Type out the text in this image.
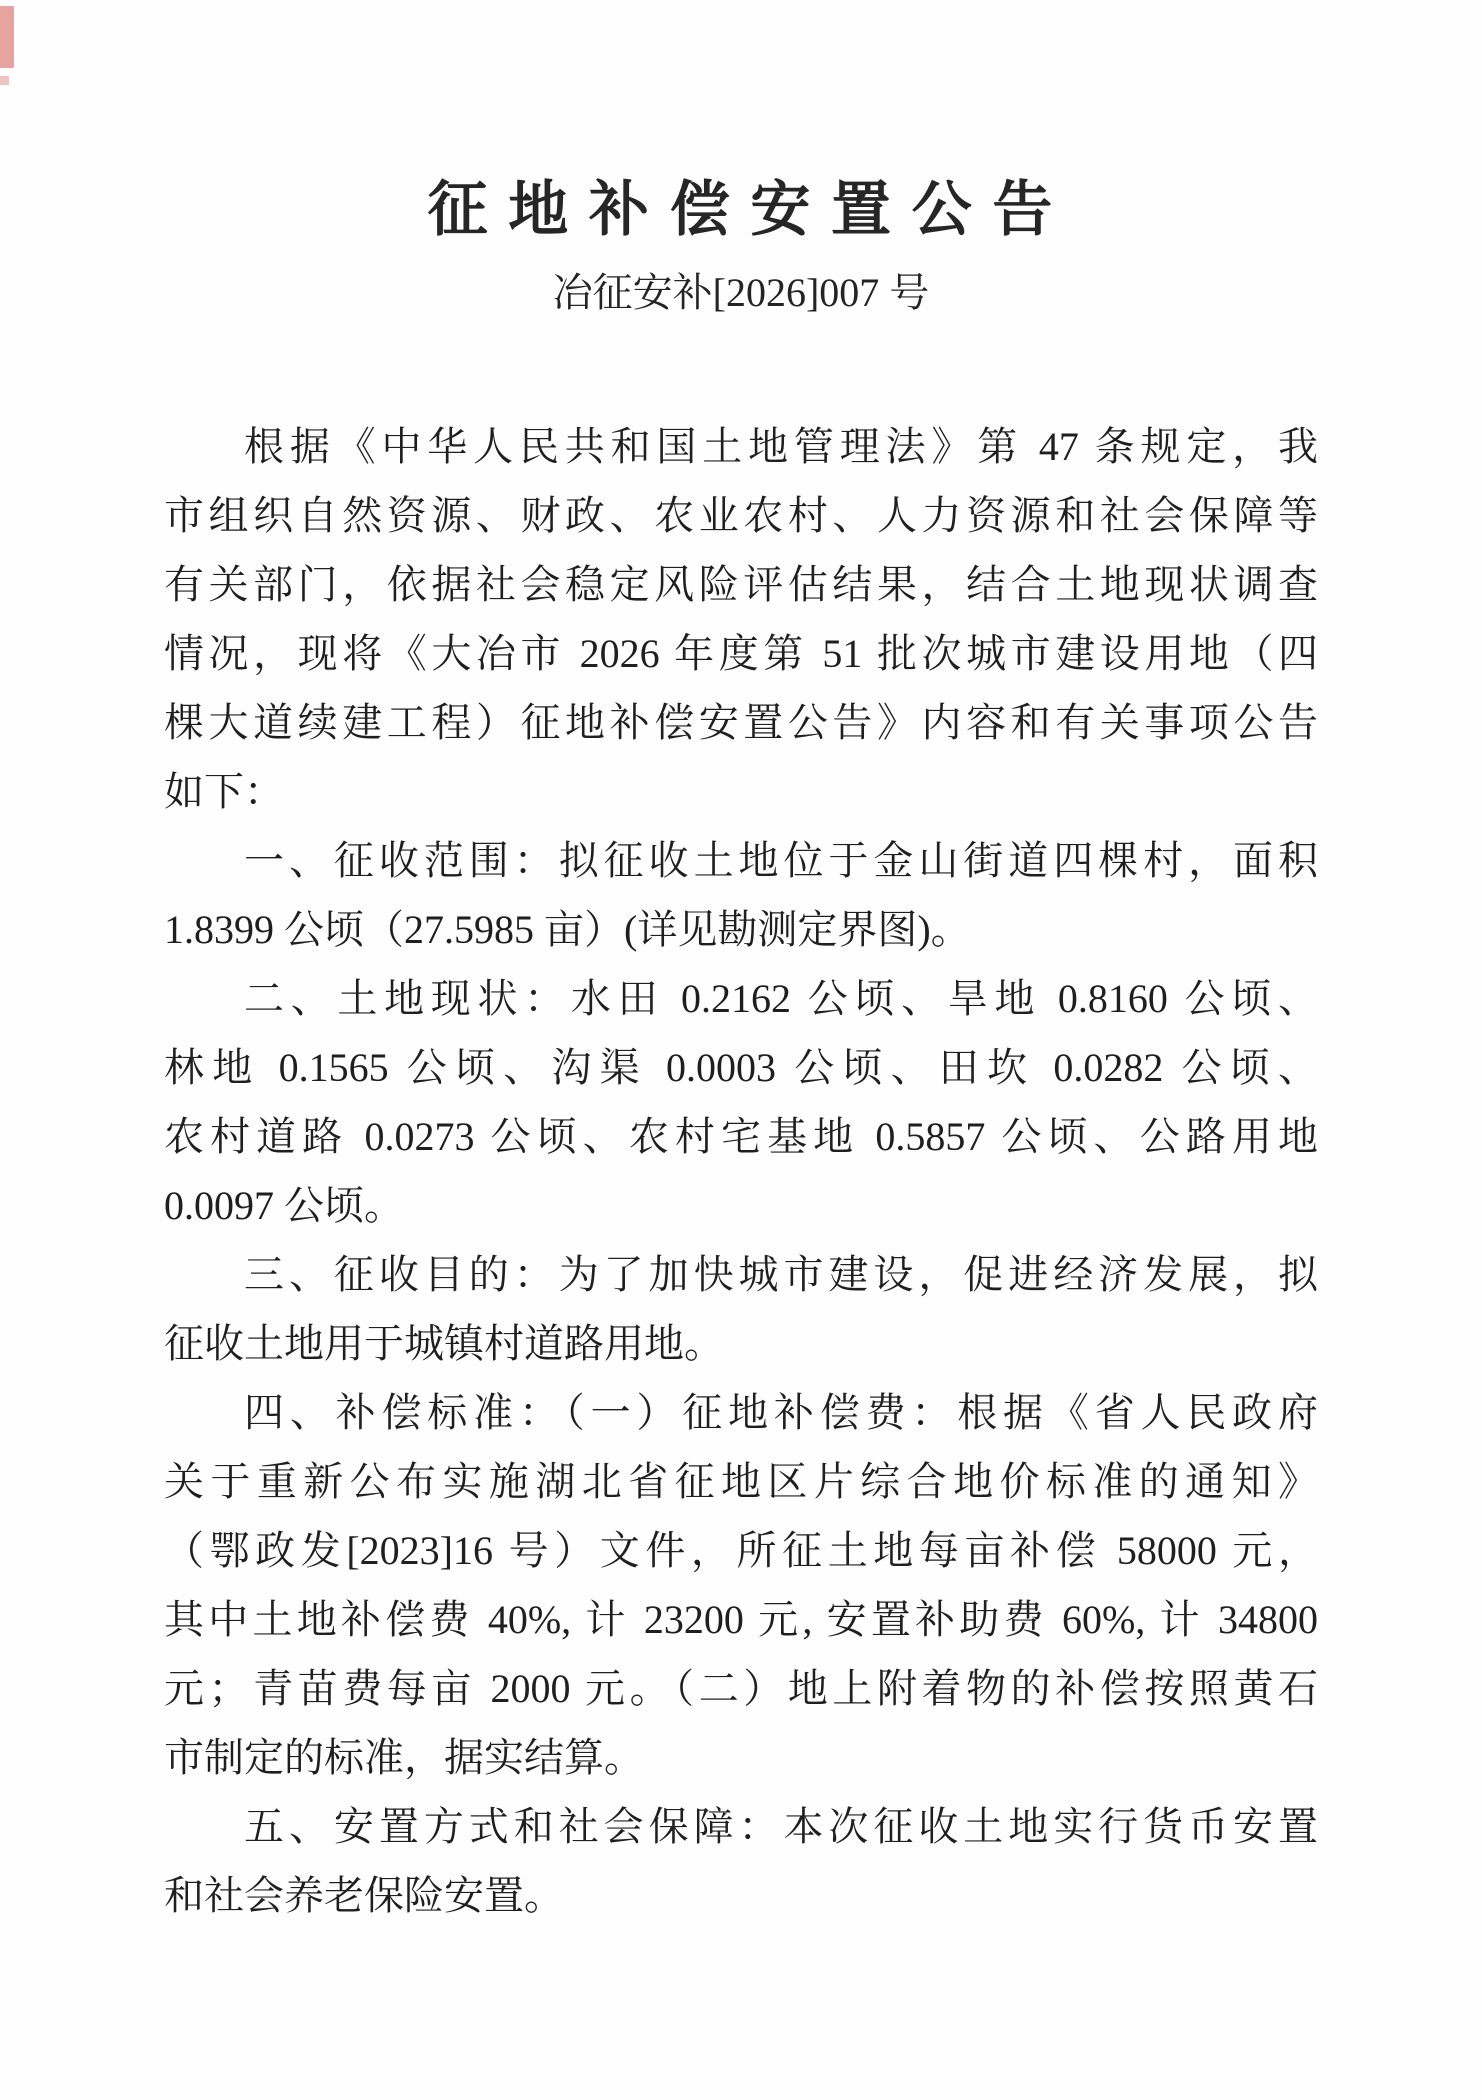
征 地 补 偿 安 置 公 告
冶征安补[2026]007 号
根据《中华人民共和国土地管理法》第 47 条规定，我
市组织自然资源、财政、农业农村、人力资源和社会保障等
有关部门，依据社会稳定风险评估结果，结合土地现状调查
情况，现将《大冶市 2026 年度第 51 批次城市建设用地（四
棵大道续建工程）征地补偿安置公告》内容和有关事项公告
如下：
一、征收范围：拟征收土地位于金山街道四棵村，面积
1.8399 公顷（27.5985 亩）(详见勘测定界图)。
二、土地现状：水田 0.2162 公顷、旱地 0.8160 公顷、
林地 0.1565 公顷、沟渠 0.0003 公顷、田坎 0.0282 公顷、
农村道路 0.0273 公顷、农村宅基地 0.5857 公顷、公路用地
0.0097 公顷。
三、征收目的：为了加快城市建设，促进经济发展，拟
征收土地用于城镇村道路用地。
四、补偿标准：（一）征地补偿费：根据《省人民政府
关于重新公布实施湖北省征地区片综合地价标准的通知》
（鄂政发[2023]16 号）文件，所征土地每亩补偿 58000 元，
其中土地补偿费 40%, 计 23200 元, 安置补助费 60%, 计 34800
元；青苗费每亩 2000 元。（二）地上附着物的补偿按照黄石
市制定的标准，据实结算。
五、安置方式和社会保障：本次征收土地实行货币安置
和社会养老保险安置。
